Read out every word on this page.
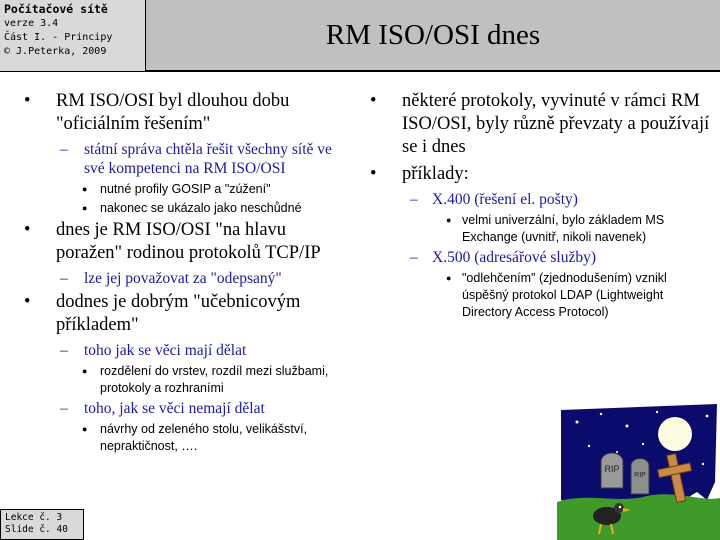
Počítačové sítě
verze 3.4
Část I. - Principy
© J.Peterka, 2009
RM ISO/OSI dnes
• RM ISO/OSI byl dlouhou dobu "oficiálním řešením"
– státní správa chtěla řešit všechny sítě ve své kompetenci na RM ISO/OSI
● nutné profily GOSIP a "zúžení"
● nakonec se ukázalo jako neschůdné
• dnes je RM ISO/OSI "na hlavu poražen" rodinou protokolů TCP/IP
– lze jej považovat za "odepsaný"
• dodnes je dobrým "učebnicovým příkladem"
– toho jak se věci mají dělat
● rozdělení do vrstev, rozdíl mezi službami, protokoly a rozhraními
– toho, jak se věci nemají dělat
● návrhy od zeleného stolu, velikášství, nepraktičnost, ….
• některé protokoly, vyvinuté v rámci RM ISO/OSI, byly různě převzaty a používají se i dnes
• příklady:
– X.400 (řešení el. pošty)
● velmi univerzální, bylo základem MS Exchange (uvnitř, nikoli navenek)
– X.500 (adresářové služby)
● "odlehčením" (zjednodušením) vznikl úspěšný protokol LDAP (Lightweight Directory Access Protocol)
RIP
RIP
Lekce č. 3
Slide č. 40
